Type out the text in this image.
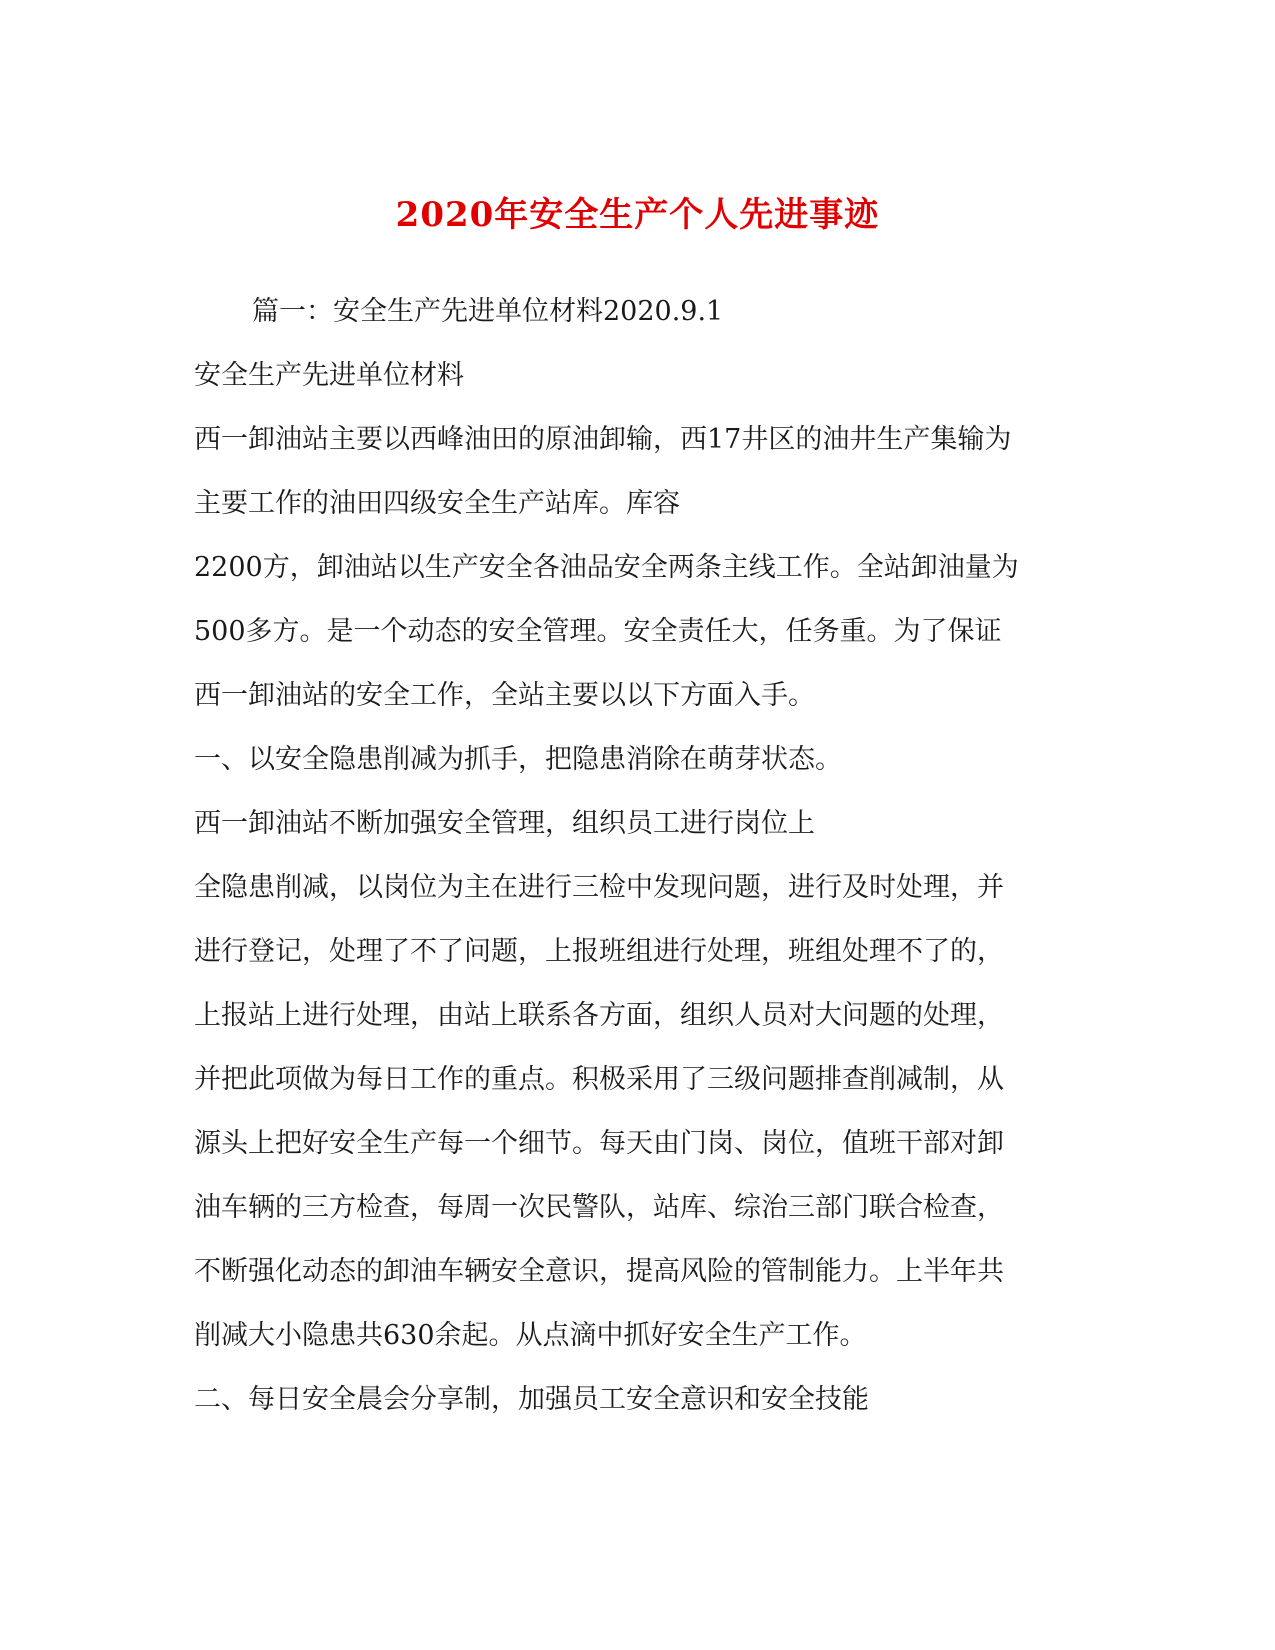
2020年安全生产个人先进事迹

篇一：安全生产先进单位材料2020.9.1

安全生产先进单位材料

西一卸油站主要以西峰油田的原油卸输，西17井区的油井生产集输为

主要工作的油田四级安全生产站库。库容

2200方，卸油站以生产安全各油品安全两条主线工作。全站卸油量为

500多方。是一个动态的安全管理。安全责任大，任务重。为了保证

西一卸油站的安全工作，全站主要以以下方面入手。

一、以安全隐患削减为抓手，把隐患消除在萌芽状态。

西一卸油站不断加强安全管理，组织员工进行岗位上

全隐患削减，以岗位为主在进行三检中发现问题，进行及时处理，并

进行登记，处理了不了问题，上报班组进行处理，班组处理不了的，

上报站上进行处理，由站上联系各方面，组织人员对大问题的处理，

并把此项做为每日工作的重点。积极采用了三级问题排查削减制，从

源头上把好安全生产每一个细节。每天由门岗、岗位，值班干部对卸

油车辆的三方检查，每周一次民警队，站库、综治三部门联合检查，

不断强化动态的卸油车辆安全意识，提高风险的管制能力。上半年共

削减大小隐患共630余起。从点滴中抓好安全生产工作。

二、每日安全晨会分享制，加强员工安全意识和安全技能
